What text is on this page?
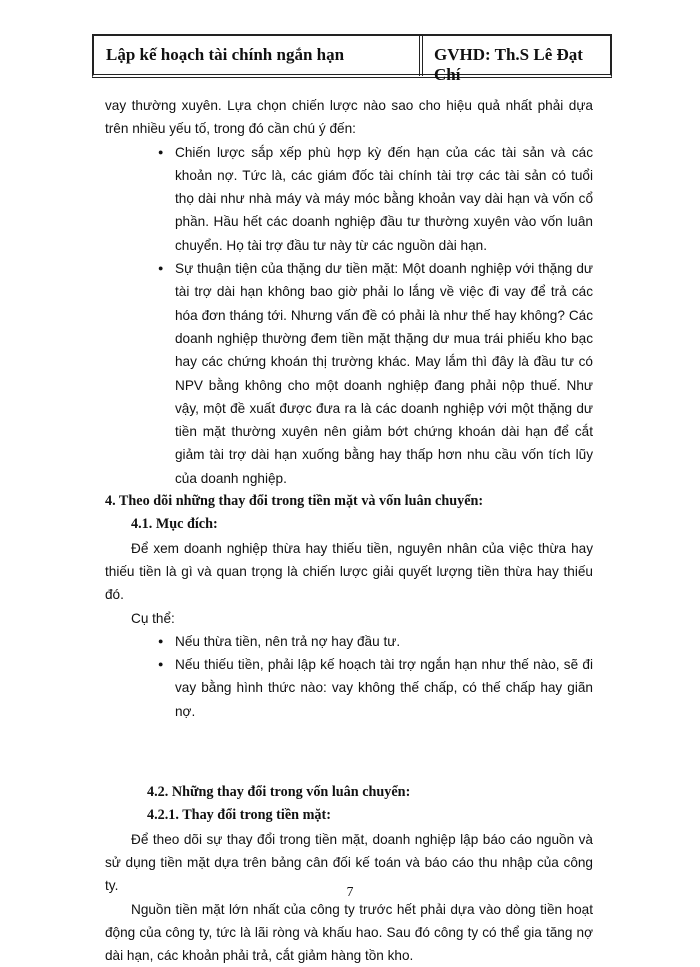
Lập kế hoạch tài chính ngắn hạn	GVHD: Th.S Lê Đạt Chí

vay thường xuyên. Lựa chọn chiến lược nào sao cho hiệu quả nhất phải dựa trên nhiều yếu tố, trong đó cần chú ý đến:

● Chiến lược sắp xếp phù hợp kỳ đến hạn của các tài sản và các khoản nợ. Tức là, các giám đốc tài chính tài trợ các tài sản có tuổi thọ dài như nhà máy và máy móc bằng khoản vay dài hạn và vốn cổ phần. Hầu hết các doanh nghiệp đầu tư thường xuyên vào vốn luân chuyển. Họ tài trợ đầu tư này từ các nguồn dài hạn.
● Sự thuận tiện của thặng dư tiền mặt: Một doanh nghiệp với thặng dư tài trợ dài hạn không bao giờ phải lo lắng về việc đi vay để trả các hóa đơn tháng tới. Nhưng vấn đề có phải là như thế hay không? Các doanh nghiệp thường đem tiền mặt thặng dư mua trái phiếu kho bạc hay các chứng khoán thị trường khác. May lắm thì đây là đầu tư có NPV bằng không cho một doanh nghiệp đang phải nộp thuế. Như vậy, một đề xuất được đưa ra là các doanh nghiệp với một thặng dư tiền mặt thường xuyên nên giảm bớt chứng khoán dài hạn để cắt giảm tài trợ dài hạn xuống bằng hay thấp hơn nhu cầu vốn tích lũy của doanh nghiệp.

4. Theo dõi những thay đổi trong tiền mặt và vốn luân chuyển:

4.1. Mục đích:

Để xem doanh nghiệp thừa hay thiếu tiền, nguyên nhân của việc thừa hay thiếu tiền là gì và quan trọng là chiến lược giải quyết lượng tiền thừa hay thiếu đó.

Cụ thể:

● Nếu thừa tiền, nên trả nợ hay đầu tư.
● Nếu thiếu tiền, phải lập kế hoạch tài trợ ngắn hạn như thế nào, sẽ đi vay bằng hình thức nào: vay không thế chấp, có thế chấp hay giãn nợ.

4.2. Những thay đổi trong vốn luân chuyển:

4.2.1. Thay đổi trong tiền mặt:

Để theo dõi sự thay đổi trong tiền mặt, doanh nghiệp lập báo cáo nguồn và sử dụng tiền mặt dựa trên bảng cân đối kế toán và báo cáo thu nhập của công ty.

Nguồn tiền mặt lớn nhất của công ty trước hết phải dựa vào dòng tiền hoạt động của công ty, tức là lãi ròng và khấu hao. Sau đó công ty có thể gia tăng nợ dài hạn, các khoản phải trả, cắt giảm hàng tồn kho.

7
